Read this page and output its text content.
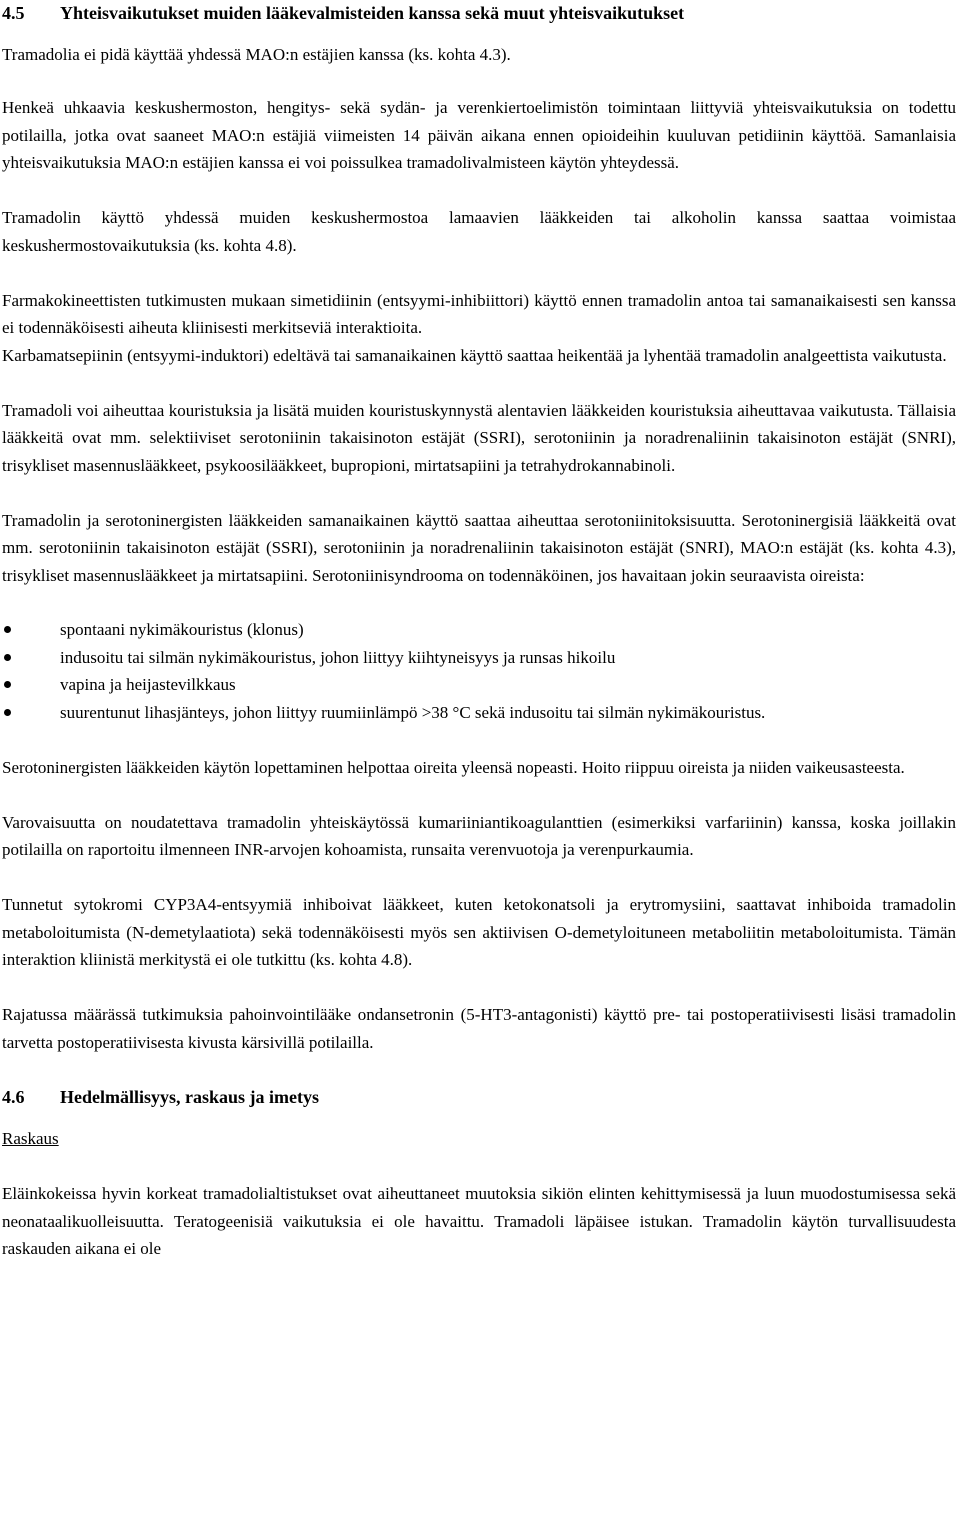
4.5	Yhteisvaikutukset muiden lääkevalmisteiden kanssa sekä muut yhteisvaikutukset

Tramadolia ei pidä käyttää yhdessä MAO:n estäjien kanssa (ks. kohta 4.3).

Henkeä uhkaavia keskushermoston, hengitys- sekä sydän- ja verenkiertoelimistön toimintaan liittyviä yhteisvaikutuksia on todettu potilailla, jotka ovat saaneet MAO:n estäjiä viimeisten 14 päivän aikana ennen opioideihin kuuluvan petidiinin käyttöä. Samanlaisia yhteisvaikutuksia MAO:n estäjien kanssa ei voi poissulkea tramadolivalmisteen käytön yhteydessä.

Tramadolin käyttö yhdessä muiden keskushermostoa lamaavien lääkkeiden tai alkoholin kanssa saattaa voimistaa keskushermostovaikutuksia (ks. kohta 4.8).

Farmakokineettisten tutkimusten mukaan simetidiinin (entsyymi-inhibiittori) käyttö ennen tramadolin antoa tai samanaikaisesti sen kanssa ei todennäköisesti aiheuta kliinisesti merkitseviä interaktioita.

Karbamatsepiinin (entsyymi-induktori) edeltävä tai samanaikainen käyttö saattaa heikentää ja lyhentää tramadolin analgeettista vaikutusta.

Tramadoli voi aiheuttaa kouristuksia ja lisätä muiden kouristuskynnystä alentavien lääkkeiden kouristuksia aiheuttavaa vaikutusta. Tällaisia lääkkeitä ovat mm. selektiiviset serotoniinin takaisinoton estäjät (SSRI), serotoniinin ja noradrenaliinin takaisinoton estäjät (SNRI), trisykliset masennuslääkkeet, psykoosilääkkeet, bupropioni, mirtatsapiini ja tetrahydrokannabinoli.

Tramadolin ja serotoninergisten lääkkeiden samanaikainen käyttö saattaa aiheuttaa serotoniinitoksisuutta. Serotoninergisiä lääkkeitä ovat mm. serotoniinin takaisinoton estäjät (SSRI), serotoniinin ja noradrenaliinin takaisinoton estäjät (SNRI), MAO:n estäjät (ks. kohta 4.3), trisykliset masennuslääkkeet ja mirtatsapiini. Serotoniinisyndrooma on todennäköinen, jos havaitaan jokin seuraavista oireista:

spontaani nykimäkouristus (klonus)
indusoitu tai silmän nykimäkouristus, johon liittyy kiihtyneisyys ja runsas hikoilu
vapina ja heijastevilkkaus
suurentunut lihasjänteys, johon liittyy ruumiinlämpö >38 °C sekä indusoitu tai silmän nykimäkouristus.

Serotoninergisten lääkkeiden käytön lopettaminen helpottaa oireita yleensä nopeasti. Hoito riippuu oireista ja niiden vaikeusasteesta.

Varovaisuutta on noudatettava tramadolin yhteiskäytössä kumariiniantikoagulanttien (esimerkiksi varfariinin) kanssa, koska joillakin potilailla on raportoitu ilmenneen INR-arvojen kohoamista, runsaita verenvuotoja ja verenpurkaumia.

Tunnetut sytokromi CYP3A4-entsyymiä inhiboivat lääkkeet, kuten ketokonatsoli ja erytromysiini, saattavat inhiboida tramadolin metaboloitumista (N-demetylaatiota) sekä todennäköisesti myös sen aktiivisen O-demetyloituneen metaboliitin metaboloitumista. Tämän interaktion kliinistä merkitystä ei ole tutkittu (ks. kohta 4.8).

Rajatussa määrässä tutkimuksia pahoinvointilääke ondansetronin (5-HT3-antagonisti) käyttö pre- tai postoperatiivisesti lisäsi tramadolin tarvetta postoperatiivisesta kivusta kärsivillä potilailla.

4.6	Hedelmällisyys, raskaus ja imetys
Raskaus

Eläinkokeissa hyvin korkeat tramadolialtistukset ovat aiheuttaneet muutoksia sikiön elinten kehittymisessä ja luun muodostumisessa sekä neonataalikuolleisuutta. Teratogeenisiä vaikutuksia ei ole havaittu. Tramadoli läpäisee istukan. Tramadolin käytön turvallisuudesta raskauden aikana ei ole
